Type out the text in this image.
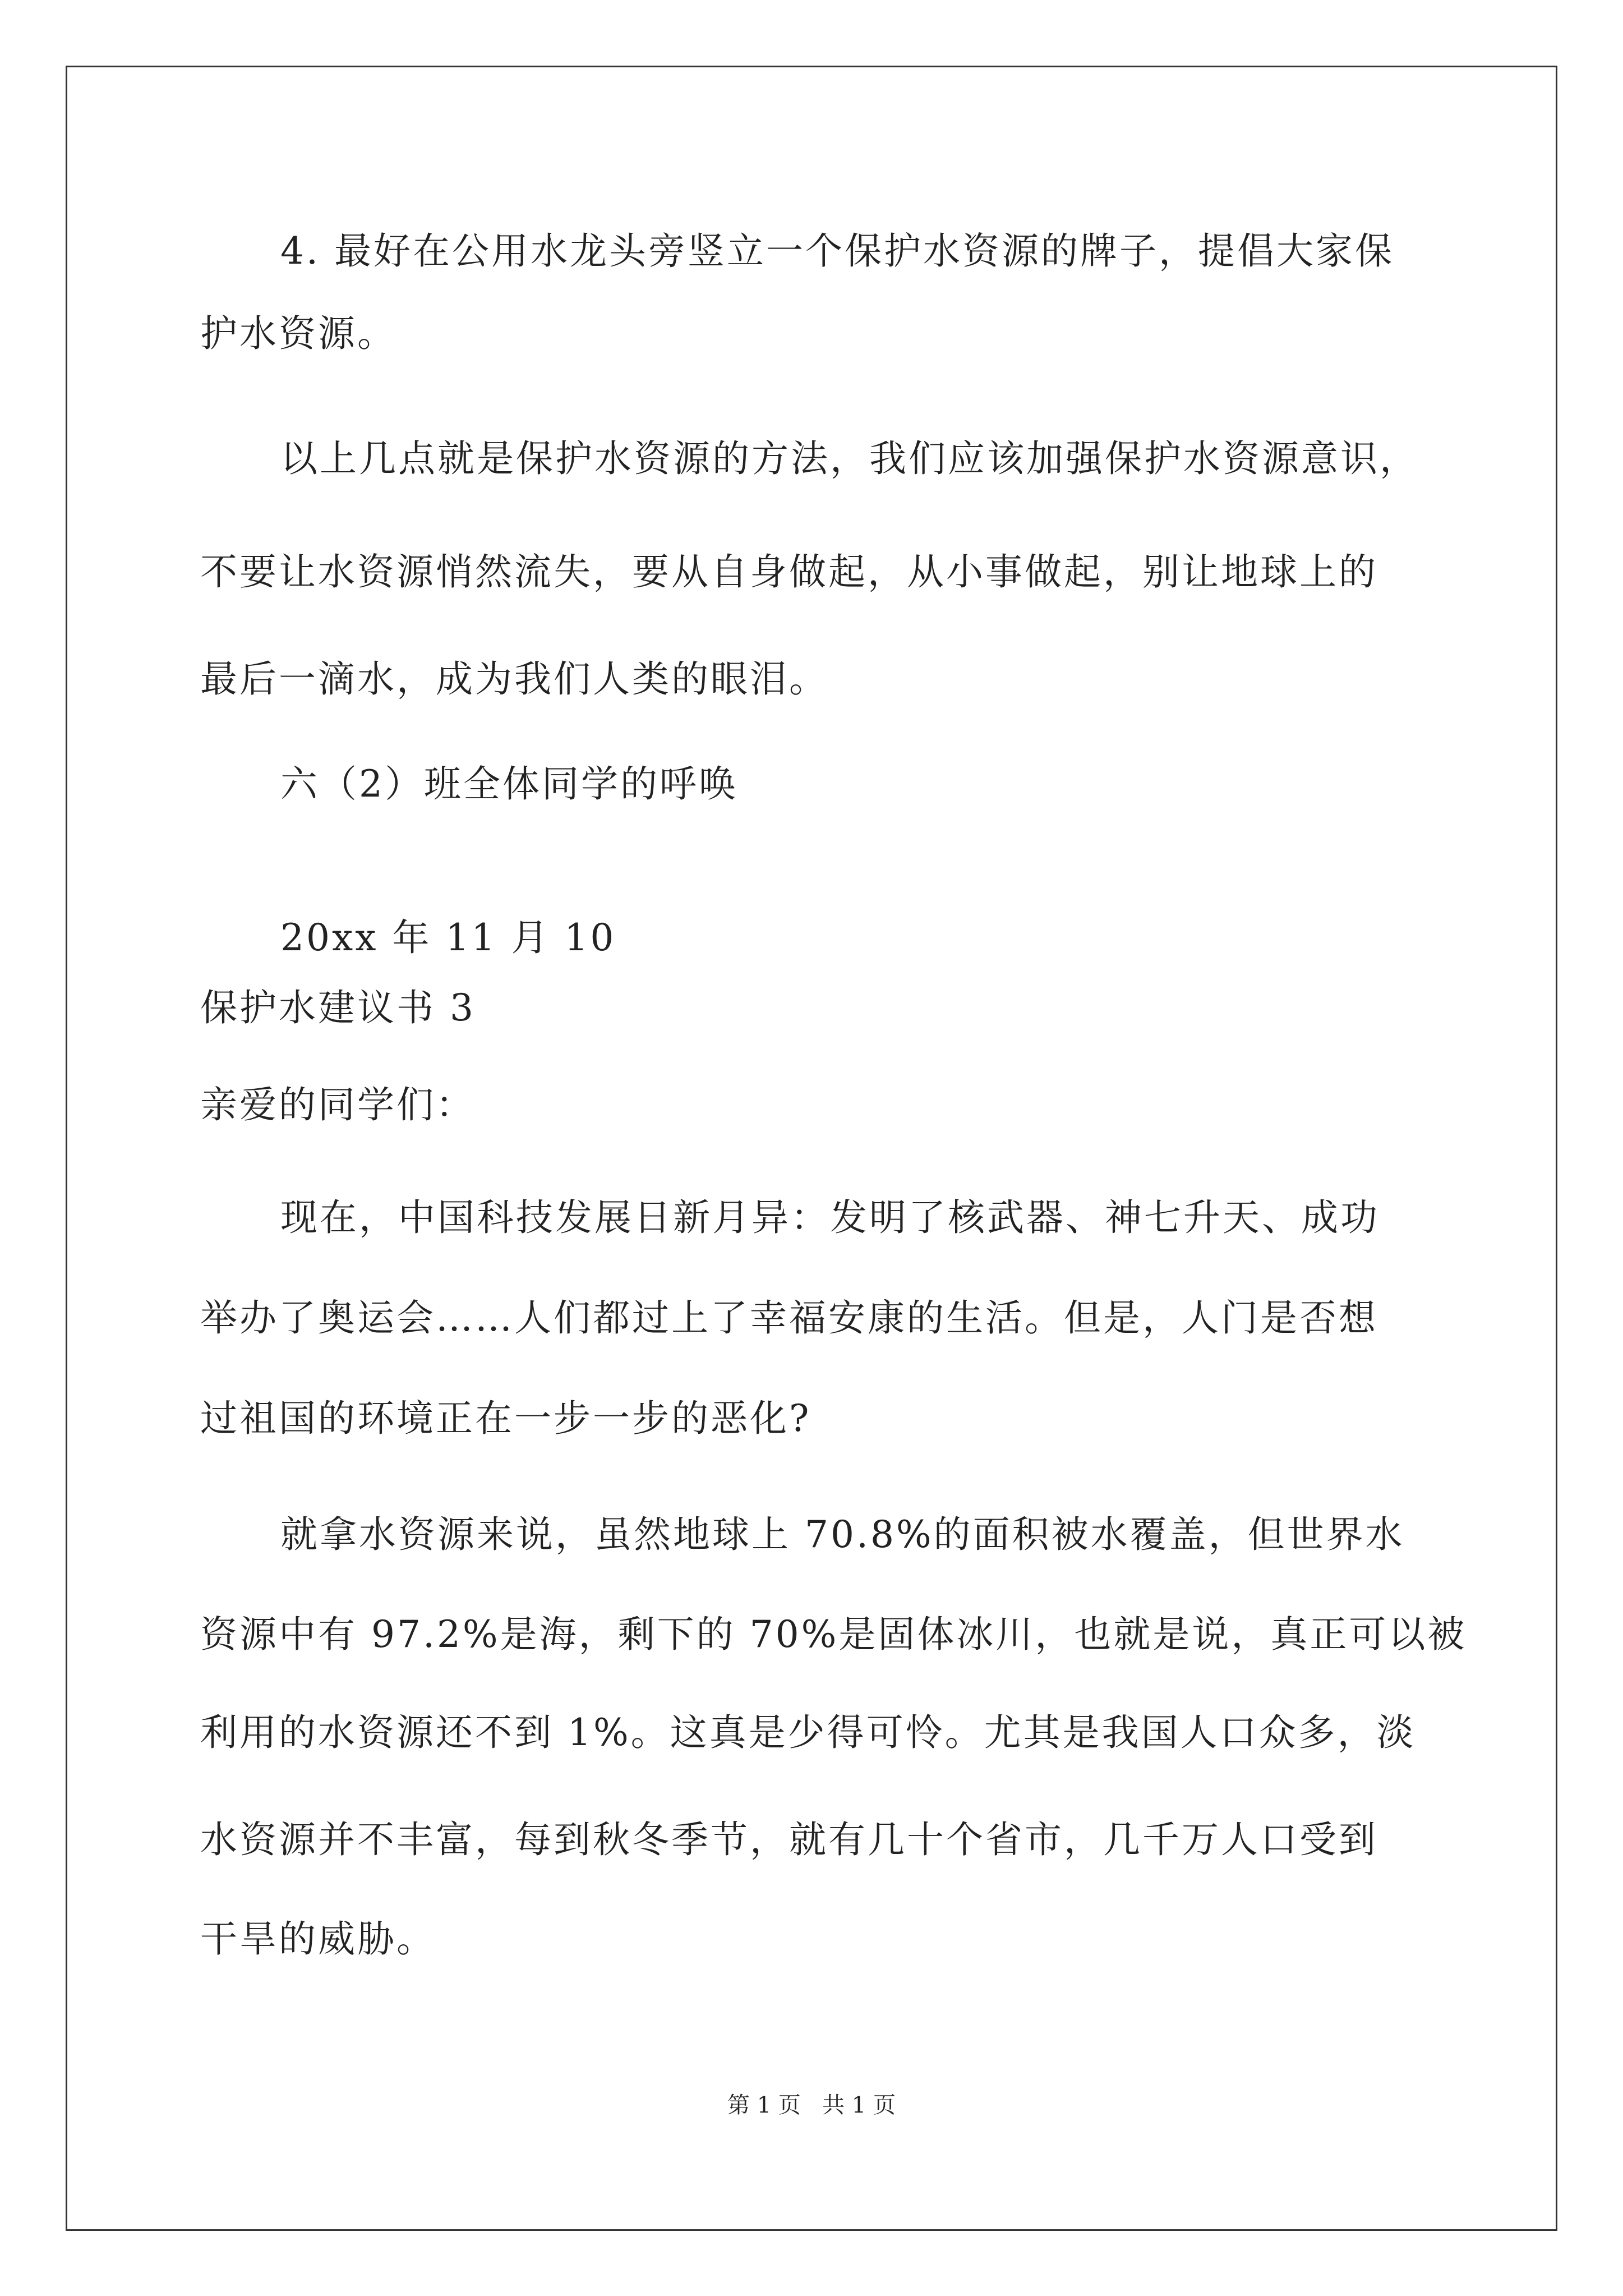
4. 最好在公用水龙头旁竖立一个保护水资源的牌子，提倡大家保
护水资源。
以上几点就是保护水资源的方法，我们应该加强保护水资源意识，
不要让水资源悄然流失，要从自身做起，从小事做起，别让地球上的
最后一滴水，成为我们人类的眼泪。
六（2）班全体同学的呼唤
20xx 年 11 月 10
保护水建议书 3
亲爱的同学们：
现在，中国科技发展日新月异：发明了核武器、神七升天、成功
举办了奥运会……人们都过上了幸福安康的生活。但是，人门是否想
过祖国的环境正在一步一步的恶化?
就拿水资源来说，虽然地球上 70.8%的面积被水覆盖，但世界水
资源中有 97.2%是海，剩下的 70%是固体冰川，也就是说，真正可以被
利用的水资源还不到 1%。这真是少得可怜。尤其是我国人口众多，淡
水资源并不丰富，每到秋冬季节，就有几十个省市，几千万人口受到
干旱的威胁。
第 1 页   共 1 页
